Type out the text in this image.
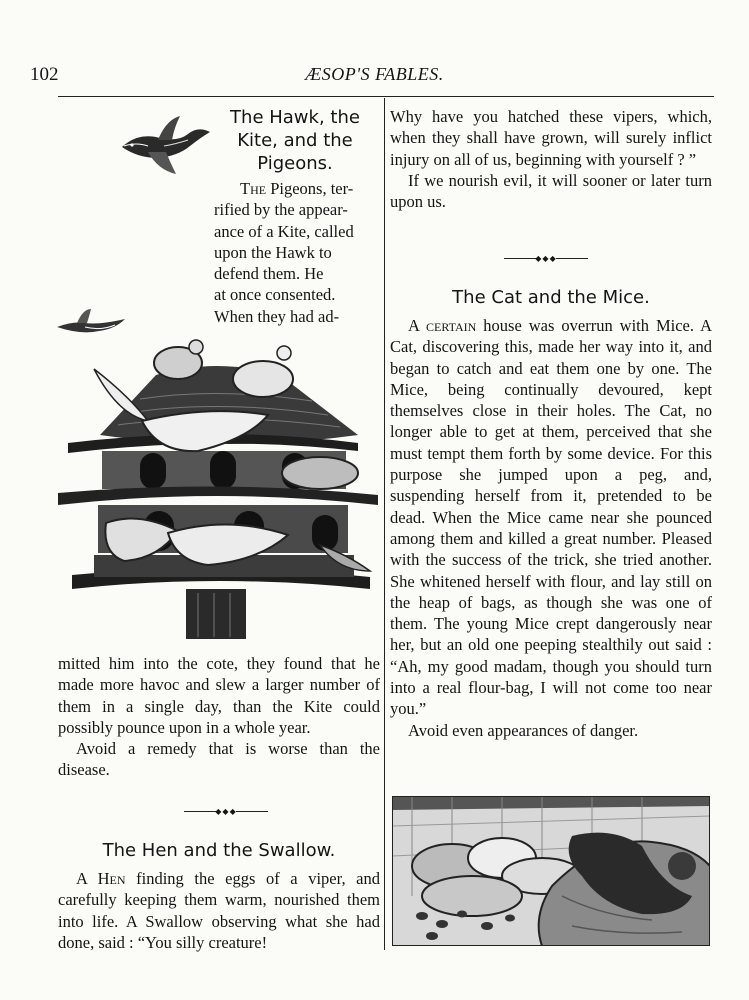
102	ÆSOP'S FABLES.
The Hawk, the
Kite, and the
Pigeons.
The Pigeons, ter-
rified by the appear-
ance of a Kite, called
upon the Hawk to
defend them. He
at once consented.
When they had ad-

mitted him into the cote, they found that he made more havoc and slew a larger number of them in a single day, than the Kite could possibly pounce upon in a whole year.

Avoid a remedy that is worse than the disease.

◆◆◆
The Hen and the Swallow.

A Hen finding the eggs of a viper, and carefully keeping them warm, nourished them into life. A Swallow observing what she had done, said : “You silly creature!

Why have you hatched these vipers, which, when they shall have grown, will surely inflict injury on all of us, beginning with yourself ? ”

If we nourish evil, it will sooner or later turn upon us.

◆◆◆
The Cat and the Mice.

A certain house was overrun with Mice. A Cat, discovering this, made her way into it, and began to catch and eat them one by one. The Mice, being continually devoured, kept themselves close in their holes. The Cat, no longer able to get at them, perceived that she must tempt them forth by some device. For this purpose she jumped upon a peg, and, suspending herself from it, pretended to be dead. When the Mice came near she pounced among them and killed a great number. Pleased with the success of the trick, she tried another. She whitened herself with flour, and lay still on the heap of bags, as though she was one of them. The young Mice crept dangerously near her, but an old one peeping stealthily out said : “Ah, my good madam, though you should turn into a real flour-bag, I will not come too near you.”

Avoid even appearances of danger.
